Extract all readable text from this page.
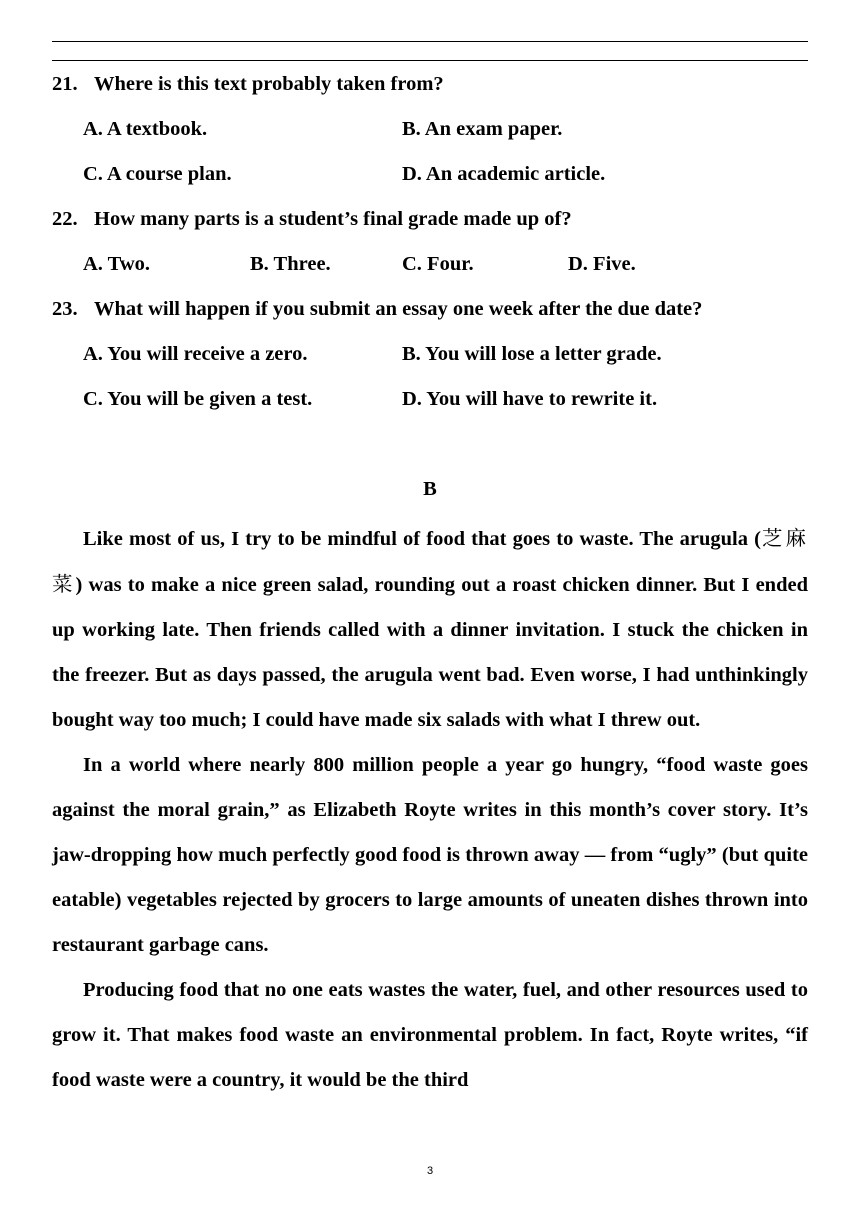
21. Where is this text probably taken from?
A. A textbook.	B. An exam paper.
C. A course plan.	D. An academic article.
22. How many parts is a student’s final grade made up of?
A. Two.	B. Three.	C. Four.	D. Five.
23. What will happen if you submit an essay one week after the due date?
A. You will receive a zero.	B. You will lose a letter grade.
C. You will be given a test.	D. You will have to rewrite it.
B

Like most of us, I try to be mindful of food that goes to waste. The arugula (芝麻菜) was to make a nice green salad, rounding out a roast chicken dinner. But I ended up working late. Then friends called with a dinner invitation. I stuck the chicken in the freezer. But as days passed, the arugula went bad. Even worse, I had unthinkingly bought way too much; I could have made six salads with what I threw out.

In a world where nearly 800 million people a year go hungry, “food waste goes against the moral grain,” as Elizabeth Royte writes in this month’s cover story. It’s jaw-dropping how much perfectly good food is thrown away — from “ugly” (but quite eatable) vegetables rejected by grocers to large amounts of uneaten dishes thrown into restaurant garbage cans.

Producing food that no one eats wastes the water, fuel, and other resources used to grow it. That makes food waste an environmental problem. In fact, Royte writes, “if food waste were a country, it would be the third

3
